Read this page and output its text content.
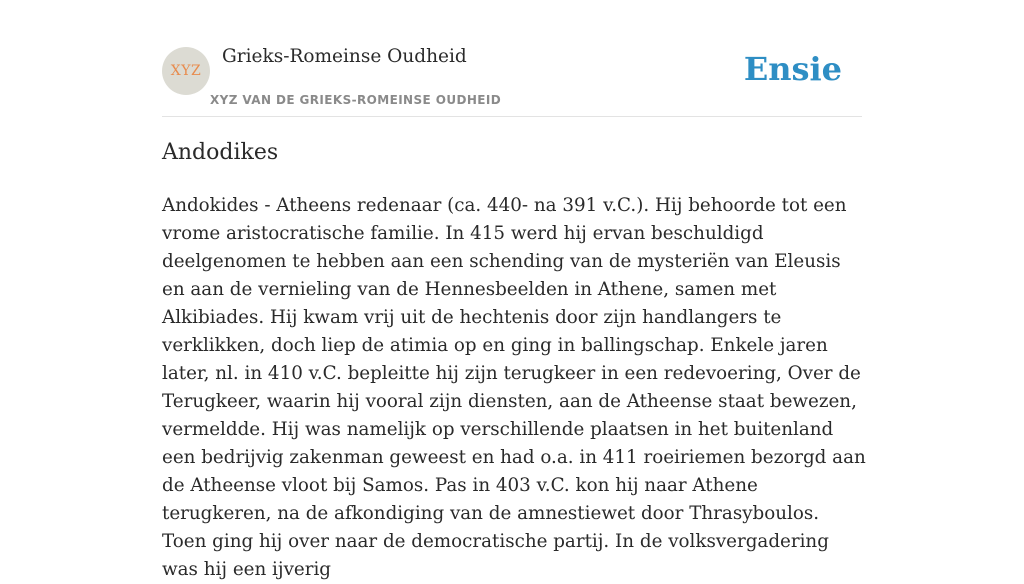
XYZ
Grieks-Romeinse Oudheid
XYZ VAN DE GRIEKS-ROMEINSE OUDHEID
Ensie
Andodikes

Andokides - Atheens redenaar (ca. 440- na 391 v.C.). Hij behoorde tot een vrome aristocratische familie. In 415 werd hij ervan beschuldigd deelgenomen te hebben aan een schending van de mysteriën van Eleusis en aan de vernieling van de Hennesbeelden in Athene, samen met Alkibiades. Hij kwam vrij uit de hechtenis door zijn handlangers te verklikken, doch liep de atimia op en ging in ballingschap. Enkele jaren later, nl. in 410 v.C. bepleitte hij zijn terugkeer in een redevoering, Over de Terugkeer, waarin hij vooral zijn diensten, aan de Atheense staat bewezen, vermeldde. Hij was namelijk op verschillende plaatsen in het buitenland een bedrijvig zakenman geweest en had o.a. in 411 roeiriemen bezorgd aan de Atheense vloot bij Samos. Pas in 403 v.C. kon hij naar Athene terugkeren, na de afkondiging van de amnestiewet door Thrasyboulos. Toen ging hij over naar de democratische partij. In de volksvergadering was hij een ijverig
